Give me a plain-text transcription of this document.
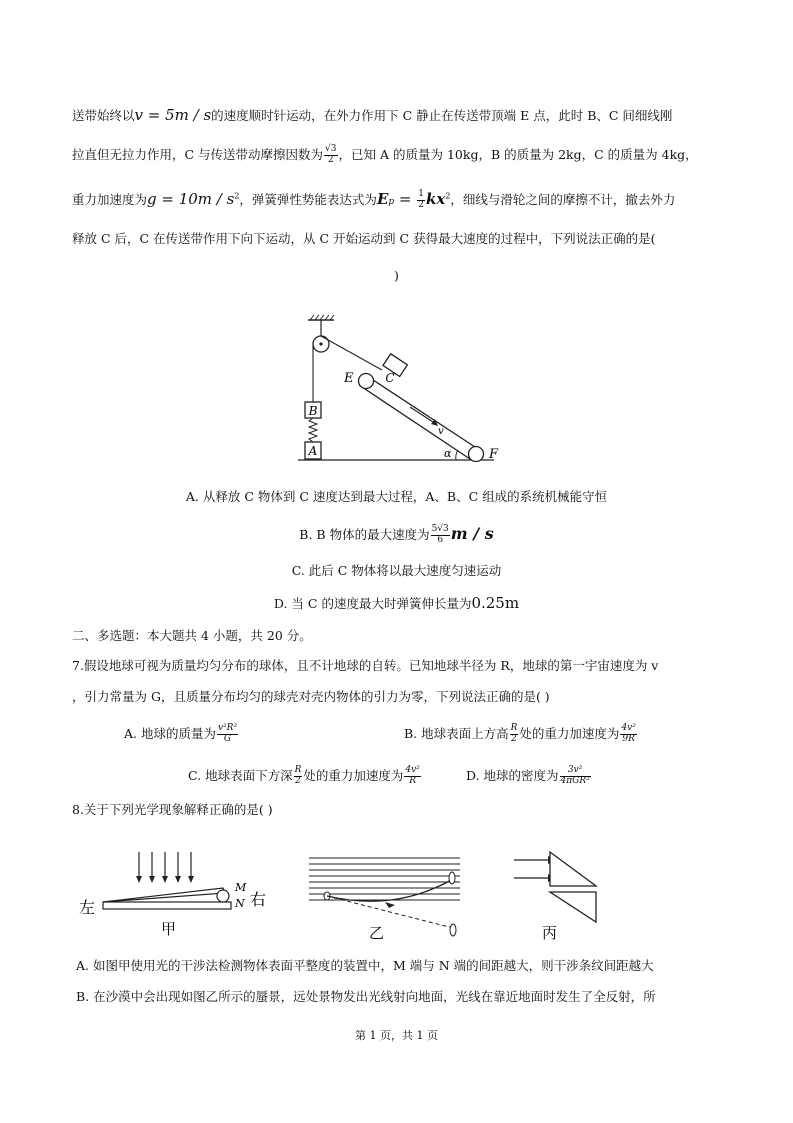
送带始终以v = 5m / s的速度顺时针运动，在外力作用下 C 静止在传送带顶端 E 点，此时 B、C 间细线刚
拉直但无拉力作用，C 与传送带动摩擦因数为 $\frac{√3}{2}$ ，已知 A 的质量为 10kg，B 的质量为 2kg，C 的质量为 4kg，
重力加速度为$g = 10m / s^2$，弹簧弹性势能表达式为$Ep = \frac{1}{2} kx^2$，细线与滑轮之间的摩擦不计，撤去外力
释放 C 后，C 在传送带作用下向下运动，从 C 开始运动到 C 获得最大速度的过程中，下列说法正确的是(
)
B
A
C
E
v
α	F
A. 从释放 C 物体到 C 速度达到最大过程，A、B、C 组成的系统机械能守恒
B. B 物体的最大速度为 $\frac{5√3}{6}$ m / s
C. 此后 C 物体将以最大速度匀速运动
D. 当 C 的速度最大时弹簧伸长量为0.25m
二、多选题：本大题共 4 小题，共 20 分。
7.假设地球可视为质量均匀分布的球体，且不计地球的自转。已知地球半径为 R，地球的第一宇宙速度为 v
，引力常量为 G，且质量分布均匀的球壳对壳内物体的引力为零，下列说法正确的是( )
A. 地球的质量为 $\frac{\text{v²R²}}{G}$	B. 地球表面上方高 $\frac{R}{2}$ 处的重力加速度为 $\frac{\text{4v²}}{9R}$
C. 地球表面下方深 $\frac{R}{2}$ 处的重力加速度为 $\frac{\text{4v²}}{R}$	D. 地球的密度为 $\frac{\text{3v²}}{\text{4πGR²}}$
8.关于下列光学现象解释正确的是( )
左
M
N 右
甲	乙	丙
A. 如图甲使用光的干涉法检测物体表面平整度的装置中，M 端与 N 端的间距越大，则干涉条纹间距越大
B. 在沙漠中会出现如图乙所示的蜃景，远处景物发出光线射向地面，光线在靠近地面时发生了全反射，所
第 1 页，共 1 页
